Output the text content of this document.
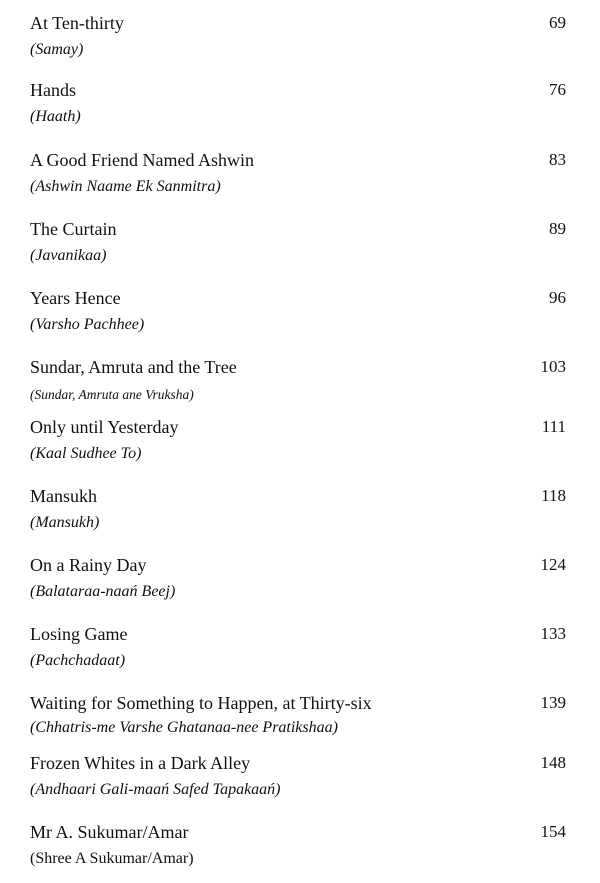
At Ten-thirty	69
(Samay)
Hands	76
(Haath)
A Good Friend Named Ashwin	83
(Ashwin Naame Ek Sanmitra)
The Curtain	89
(Javanikaa)
Years Hence	96
(Varsho Pachhee)
Sundar, Amruta and the Tree	103
(Sundar, Amruta ane Vruksha)
Only until Yesterday	111
(Kaal Sudhee To)
Mansukh	118
(Mansukh)
On a Rainy Day	124
(Balataraa-naań Beej)
Losing Game	133
(Pachchadaat)
Waiting for Something to Happen, at Thirty-six	139
(Chhatris-me Varshe Ghatanaa-nee Pratikshaa)
Frozen Whites in a Dark Alley	148
(Andhaari Gali-maań Safed Tapakaań)
Mr A. Sukumar/Amar	154
(Shree A Sukumar/Amar)
